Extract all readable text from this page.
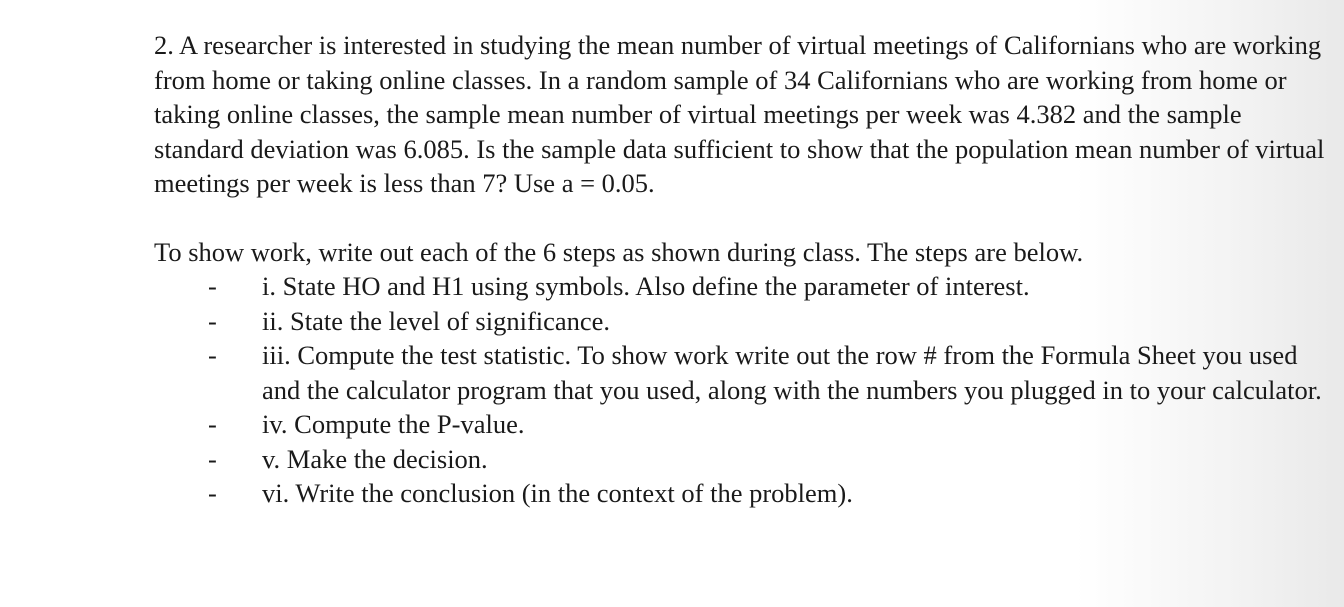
2. A researcher is interested in studying the mean number of virtual meetings of Californians who are working from home or taking online classes. In a random sample of 34 Californians who are working from home or taking online classes, the sample mean number of virtual meetings per week was 4.382 and the sample standard deviation was 6.085. Is the sample data sufficient to show that the population mean number of virtual meetings per week is less than 7? Use a = 0.05.

To show work, write out each of the 6 steps as shown during class. The steps are below.

-	i. State HO and H1 using symbols. Also define the parameter of interest.
-	ii. State the level of significance.
-	iii. Compute the test statistic. To show work write out the row # from the Formula Sheet you used and the calculator program that you used, along with the numbers you plugged in to your calculator.
-	iv. Compute the P-value.
-	v. Make the decision.
-	vi. Write the conclusion (in the context of the problem).
